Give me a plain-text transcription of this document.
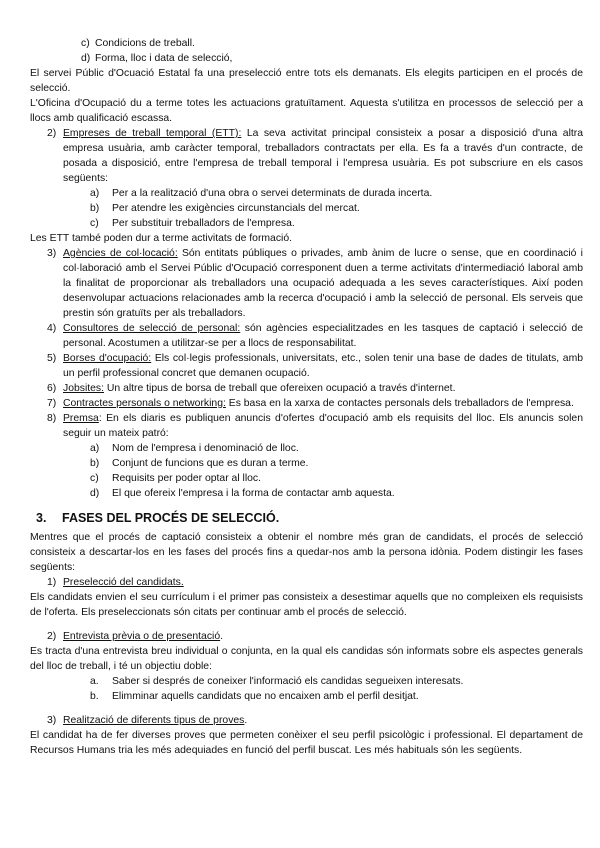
c) Condicions de treball.
d) Forma, lloc i data de selecció,

El servei Públic d'Ocuació Estatal fa una preselecció entre tots els demanats. Els elegits participen en el procés de selecció.

L'Oficina d'Ocupació du a terme totes les actuacions gratuïtament. Aquesta s'utilitza en processos de selecció per a llocs amb qualificació escassa.

2) Empreses de treball temporal (ETT): La seva activitat principal consisteix a posar a disposició d'una altra empresa usuària, amb caràcter temporal, treballadors contractats per ella. Es fa a través d'un contracte, de posada a disposició, entre l'empresa de treball temporal i l'empresa usuària. Es pot subscriure en els casos següents:
a) Per a la realització d'una obra o servei determinats de durada incerta.
b) Per atendre les exigències circunstancials del mercat.
c) Per substituir treballadors de l'empresa.

Les ETT també poden dur a terme activitats de formació.

3) Agències de col·locació: Són entitats públiques o privades, amb ànim de lucre o sense, que en coordinació i col·laboració amb el Servei Públic d'Ocupació corresponent duen a terme activitats d'intermediació laboral amb la finalitat de proporcionar als treballadors una ocupació adequada a les seves característiques. Així poden desenvolupar actuacions relacionades amb la recerca d'ocupació i amb la selecció de personal. Els serveis que prestin són gratuïts per als treballadors.
4) Consultores de selecció de personal: són agències especialitzades en les tasques de captació i selecció de personal. Acostumen a utilitzar-se per a llocs de responsabilitat.
5) Borses d'ocupació: Els col·legis professionals, universitats, etc., solen tenir una base de dades de titulats, amb un perfil professional concret que demanen ocupació.
6) Jobsites: Un altre tipus de borsa de treball que ofereixen ocupació a través d'internet.
7) Contractes personals o networking: Es basa en la xarxa de contactes personals dels treballadors de l'empresa.
8) Premsa: En els diaris es publiquen anuncis d'ofertes d'ocupació amb els requisits del lloc. Els anuncis solen seguir un mateix patró:
a) Nom de l'empresa i denominació de lloc.
b) Conjunt de funcions que es duran a terme.
c) Requisits per poder optar al lloc.
d) El que ofereix l'empresa i la forma de contactar amb aquesta.
3. FASES DEL PROCÉS DE SELECCIÓ.

Mentres que el procés de captació consisteix a obtenir el nombre més gran de candidats, el procés de selecció consisteix a descartar-los en les fases del procés fins a quedar-nos amb la persona idònia. Podem distingir les fases següents:

1) Preselecció del candidats.

Els candidats envien el seu currículum i el primer pas consisteix a desestimar aquells que no compleixen els requisists de l'oferta. Els preseleccionats són citats per continuar amb el procés de selecció.

2) Entrevista prèvia o de presentació.

Es tracta d'una entrevista breu individual o conjunta, en la qual els candidas són informats sobre els aspectes generals del lloc de treball, i té un objectiu doble:

a. Saber si després de coneixer l'informació els candidas segueixen interesats.
b. Elimminar aquells candidats que no encaixen amb el perfil desitjat.
3) Realització de diferents tipus de proves.

El candidat ha de fer diverses proves que permeten conèixer el seu perfil psicològic i professional. El departament de Recursos Humans tria les més adequiades en funció del perfil buscat. Les més habituals són les següents.
